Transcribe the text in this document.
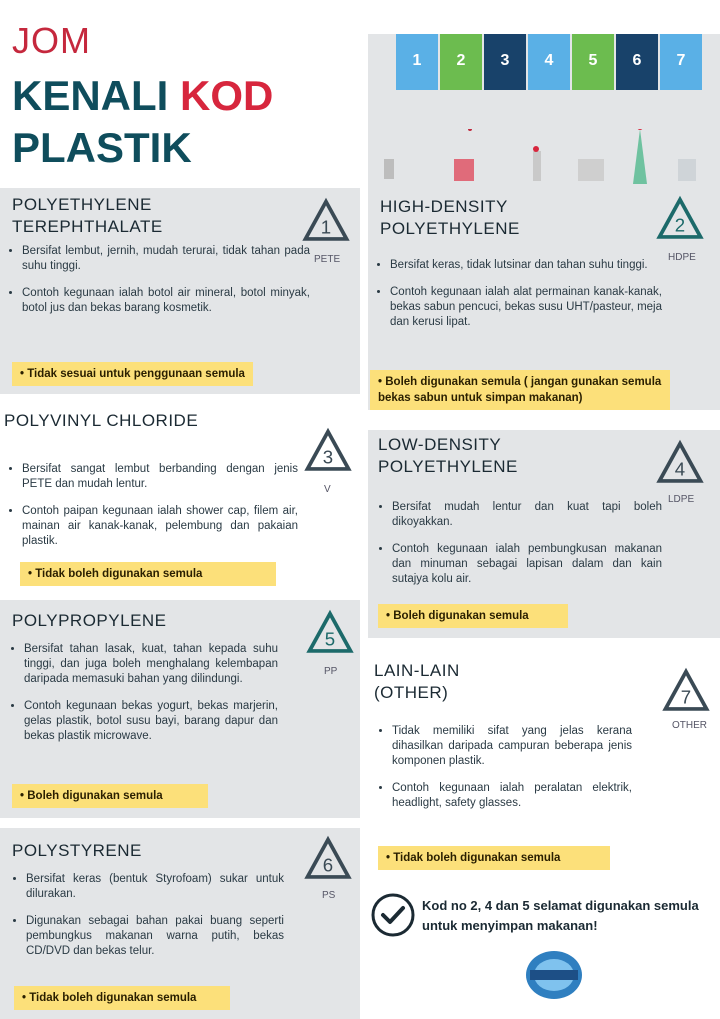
JOM
KENALI KOD
PLASTIK
1	2	3	4	5	6	7
POLYETHYLENE
TEREPHTHALATE	1
PETE
• Bersifat lembut, jernih, mudah terurai, tidak tahan pada suhu tinggi.
• Contoh kegunaan ialah botol air mineral, botol minyak, botol jus dan bekas barang kosmetik.
• Tidak sesuai untuk penggunaan semula
HIGH-DENSITY
POLYETHYLENE	2
HDPE
• Bersifat keras, tidak lutsinar dan tahan suhu tinggi.
• Contoh kegunaan ialah alat permainan kanak-kanak, bekas sabun pencuci, bekas susu UHT/pasteur, meja dan kerusi lipat.
• Boleh digunakan semula ( jangan gunakan semula bekas sabun untuk simpan makanan)
POLYVINYL CHLORIDE
3
V
• Bersifat sangat lembut berbanding dengan jenis PETE dan mudah lentur.
• Contoh paipan kegunaan ialah shower cap, filem air, mainan air kanak-kanak, pelembung dan pakaian plastik.
• Tidak boleh digunakan semula
LOW-DENSITY
POLYETHYLENE	4
LDPE
• Bersifat mudah lentur dan kuat tapi boleh dikoyakkan.
• Contoh kegunaan ialah pembungkusan makanan dan minuman sebagai lapisan dalam dan kain sutajya kolu air.
• Boleh digunakan semula
POLYPROPYLENE
5
PP
• Bersifat tahan lasak, kuat, tahan kepada suhu tinggi, dan juga boleh menghalang kelembapan daripada memasuki bahan yang dilindungi.
• Contoh kegunaan bekas yogurt, bekas marjerin, gelas plastik, botol susu bayi, barang dapur dan bekas plastik microwave.
• Boleh digunakan semula
LAIN-LAIN
(OTHER)	7
OTHER
• Tidak memiliki sifat yang jelas kerana dihasilkan daripada campuran beberapa jenis komponen plastik.
• Contoh kegunaan ialah peralatan elektrik, headlight, safety glasses.
• Tidak boleh digunakan semula
POLYSTYRENE
6
PS
• Bersifat keras (bentuk Styrofoam) sukar untuk dilurakan.
• Digunakan sebagai bahan pakai buang seperti pembungkus makanan warna putih, bekas CD/DVD dan bekas telur.
• Tidak boleh digunakan semula
Kod no 2, 4 dan 5 selamat digunakan semula untuk menyimpan makanan!
